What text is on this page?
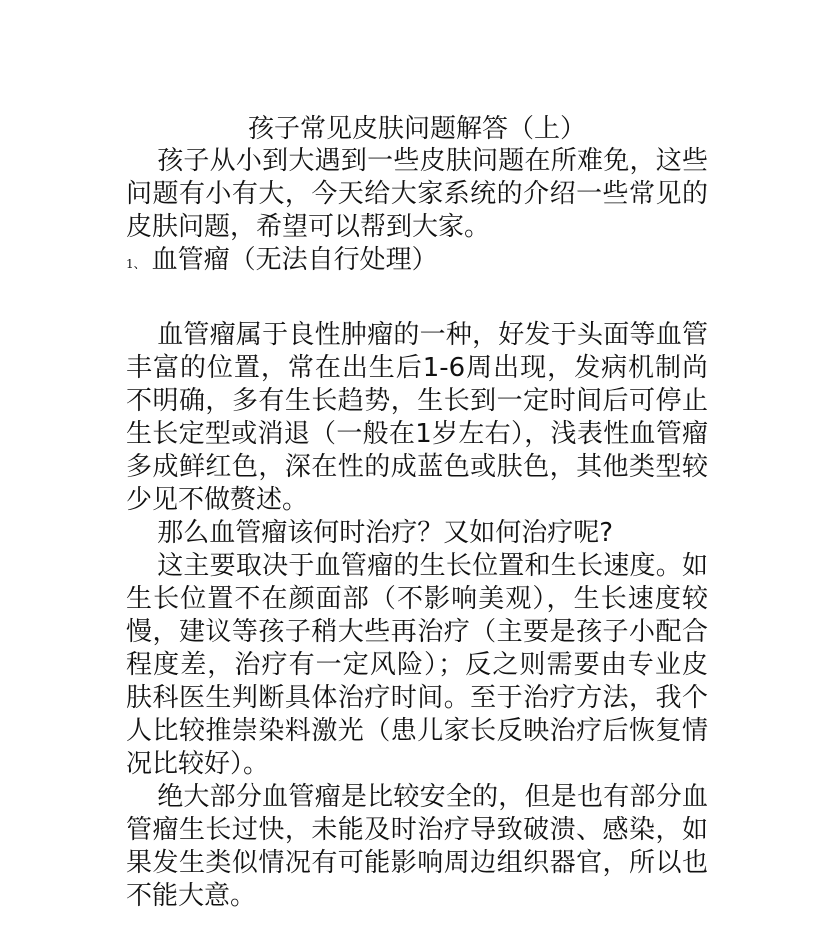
孩子常见皮肤问题解答（上）

孩子从小到大遇到一些皮肤问题在所难免，这些问题有小有大，今天给大家系统的介绍一些常见的皮肤问题，希望可以帮到大家。

1、 血管瘤（无法自行处理）

血管瘤属于良性肿瘤的一种，好发于头面等血管丰富的位置，常在出生后1-6周出现，发病机制尚不明确，多有生长趋势，生长到一定时间后可停止生长定型或消退（一般在1岁左右），浅表性血管瘤多成鲜红色，深在性的成蓝色或肤色，其他类型较少见不做赘述。

那么血管瘤该何时治疗？又如何治疗呢?

这主要取决于血管瘤的生长位置和生长速度。如生长位置不在颜面部（不影响美观），生长速度较慢，建议等孩子稍大些再治疗（主要是孩子小配合程度差，治疗有一定风险）；反之则需要由专业皮肤科医生判断具体治疗时间。至于治疗方法，我个人比较推崇染料激光（患儿家长反映治疗后恢复情况比较好）。

绝大部分血管瘤是比较安全的，但是也有部分血管瘤生长过快，未能及时治疗导致破溃、感染，如果发生类似情况有可能影响周边组织器官，所以也不能大意。
